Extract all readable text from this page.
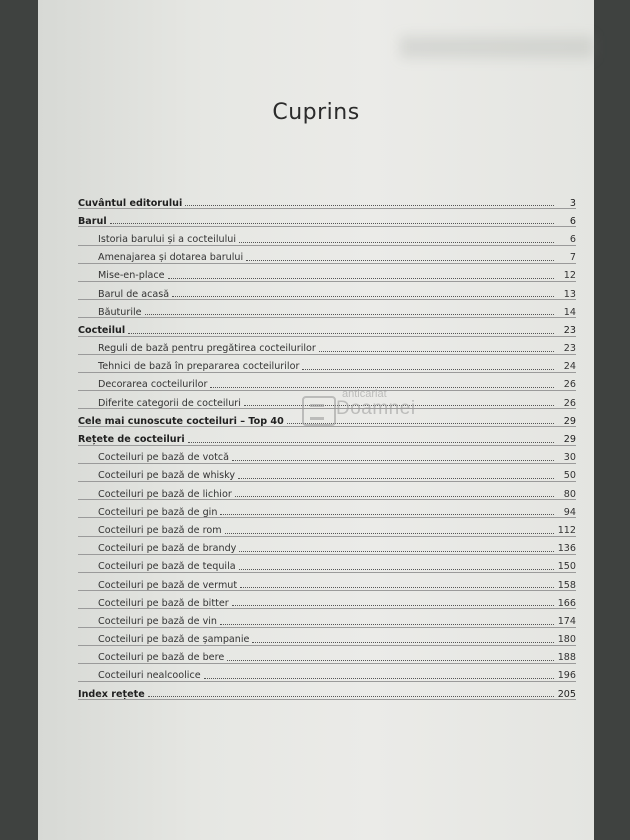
Cuprins
Cuvântul editorului	3
Barul	6
Istoria barului și a cocteilului	6
Amenajarea și dotarea barului	7
Mise-en-place	12
Barul de acasă	13
Băuturile	14
Cocteilul	23
Reguli de bază pentru pregătirea cocteilurilor	23
Tehnici de bază în prepararea cocteilurilor	24
Decorarea cocteilurilor	26
Diferite categorii de cocteiluri	26
Cele mai cunoscute cocteiluri – Top 40	29
Rețete de cocteiluri	29
Cocteiluri pe bază de votcă	30
Cocteiluri pe bază de whisky	50
Cocteiluri pe bază de lichior	80
Cocteiluri pe bază de gin	94
Cocteiluri pe bază de rom	112
Cocteiluri pe bază de brandy	136
Cocteiluri pe bază de tequila	150
Cocteiluri pe bază de vermut	158
Cocteiluri pe bază de bitter	166
Cocteiluri pe bază de vin	174
Cocteiluri pe bază de șampanie	180
Cocteiluri pe bază de bere	188
Cocteiluri nealcoolice	196
Index rețete	205
anticariat
Doamnei
